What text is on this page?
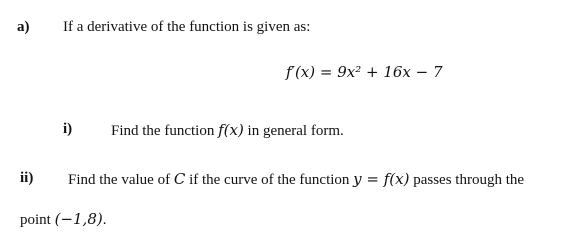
a) If a derivative of the function is given as:
f′(x) = 9x² + 16x − 7
i)	Find the function f(x) in general form.
ii) Find the value of C if the curve of the function y = f(x) passes through the
point (−1,8).
